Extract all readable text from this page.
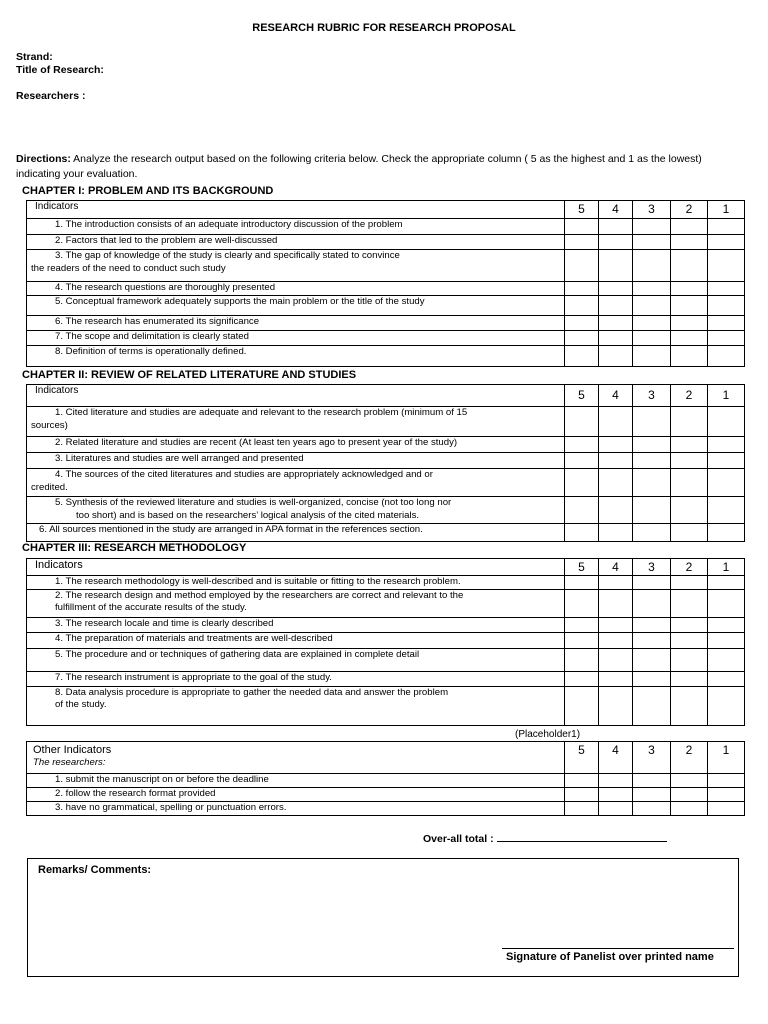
RESEARCH RUBRIC FOR RESEARCH PROPOSAL
Strand:
Title of Research:
Researchers :
Directions: Analyze the research output based on the following criteria below. Check the appropriate column ( 5 as the highest and 1 as the lowest) indicating your evaluation.
CHAPTER I: PROBLEM AND ITS BACKGROUND
Indicators	5	4	3	2	1

1. The introduction consists of an adequate introductory discussion of the problem					

2. Factors that led to the problem are well-discussed					

3. The gap of knowledge of the study is clearly and specifically stated to convince
the readers of the need to conduct such study					

4. The research questions are thoroughly presented					

5. Conceptual framework adequately supports the main problem or the title of the study					

6. The research has enumerated its significance					

7. The scope and delimitation is clearly stated					

8. Definition of terms is operationally defined.					

CHAPTER II: REVIEW OF RELATED LITERATURE AND STUDIES
Indicators	5	4	3	2	1

1. Cited literature and studies are adequate and relevant to the research problem (minimum of 15
sources)					

2. Related literature and studies are recent (At least ten years ago to present year of the study)					

3. Literatures and studies are well arranged and presented					

4. The sources of the cited literatures and studies are appropriately acknowledged and or
credited.					

5. Synthesis of the reviewed literature and studies is well-organized, concise (not too long nor
too short) and is based on the researchers’ logical analysis of the cited materials.					

6. All sources mentioned in the study are arranged in APA format in the references section.					

CHAPTER III: RESEARCH METHODOLOGY
Indicators	5	4	3	2	1

1. The research methodology is well-described and is suitable or fitting to the research problem.					

2. The research design and method employed by the researchers are correct and relevant to the
fulfillment of the accurate results of the study.					

3. The research locale and time is clearly described					

4. The preparation of materials and treatments are well-described					

5. The procedure and or techniques of gathering data are explained in complete detail					

7. The research instrument is appropriate to the goal of the study.					

8. Data analysis procedure is appropriate to gather the needed data and answer the problem
of the study.					

(Placeholder1)
Other Indicators
The researchers:	5	4	3	2	1

1. submit the manuscript on or before the deadline					

2. follow the research format provided					

3. have no grammatical, spelling or punctuation errors.					

Over-all total :
Remarks/ Comments:
Signature of Panelist over printed name
